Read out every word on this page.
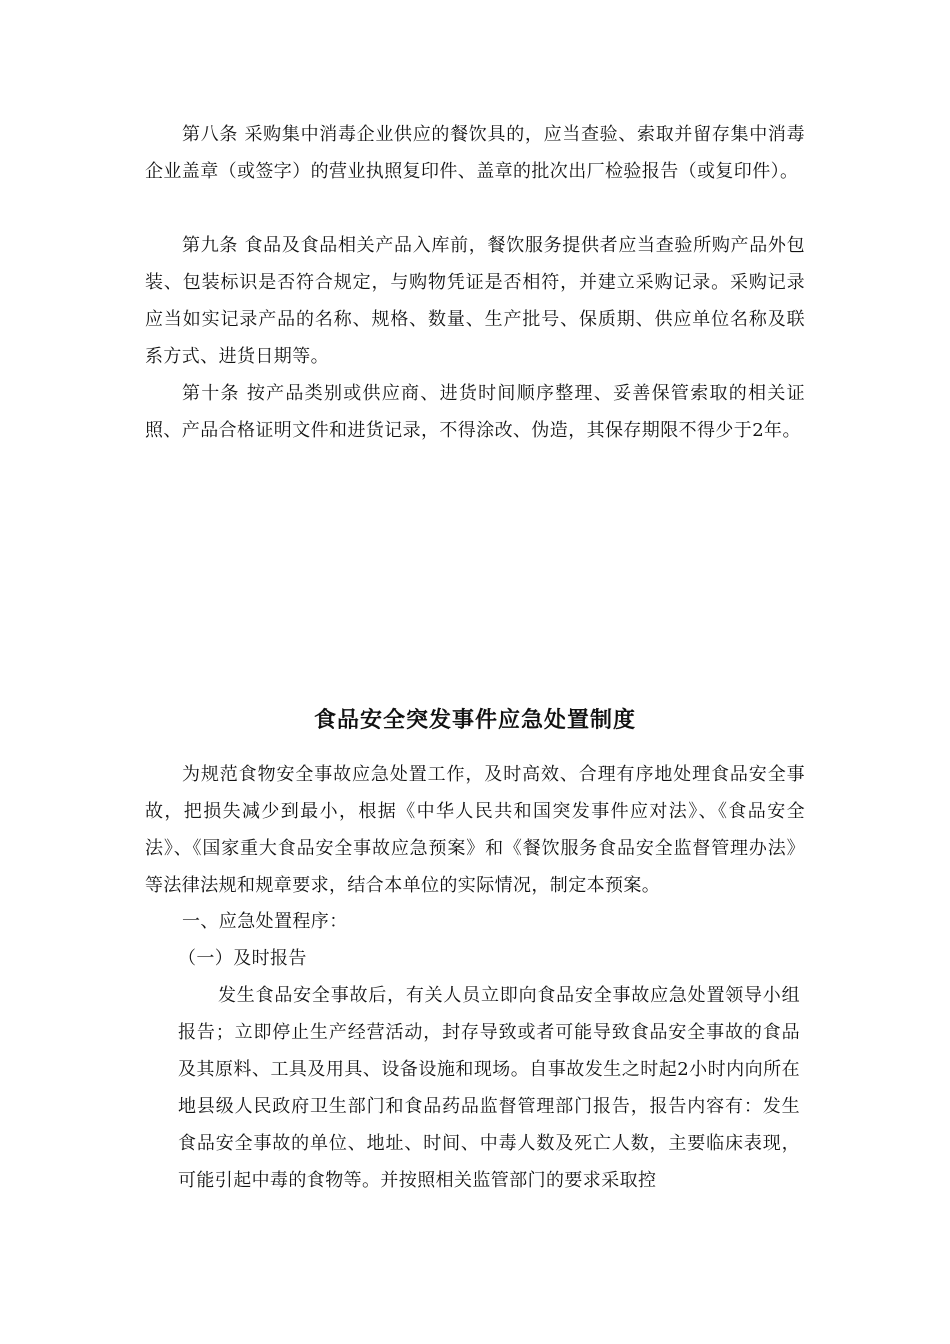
第八条 采购集中消毒企业供应的餐饮具的，应当查验、索取并留存集中消毒企业盖章（或签字）的营业执照复印件、盖章的批次出厂检验报告（或复印件）。

第九条 食品及食品相关产品入库前，餐饮服务提供者应当查验所购产品外包装、包装标识是否符合规定，与购物凭证是否相符，并建立采购记录。采购记录应当如实记录产品的名称、规格、数量、生产批号、保质期、供应单位名称及联系方式、进货日期等。

第十条 按产品类别或供应商、进货时间顺序整理、妥善保管索取的相关证照、产品合格证明文件和进货记录，不得涂改、伪造，其保存期限不得少于2年。

食品安全突发事件应急处置制度

为规范食物安全事故应急处置工作，及时高效、合理有序地处理食品安全事故，把损失减少到最小，根据《中华人民共和国突发事件应对法》、《食品安全法》、《国家重大食品安全事故应急预案》和《餐饮服务食品安全监督管理办法》等法律法规和规章要求，结合本单位的实际情况，制定本预案。

一、应急处置程序：

（一）及时报告

发生食品安全事故后，有关人员立即向食品安全事故应急处置领导小组报告；立即停止生产经营活动，封存导致或者可能导致食品安全事故的食品及其原料、工具及用具、设备设施和现场。自事故发生之时起2小时内向所在地县级人民政府卫生部门和食品药品监督管理部门报告，报告内容有：发生食品安全事故的单位、地址、时间、中毒人数及死亡人数，主要临床表现，可能引起中毒的食物等。并按照相关监管部门的要求采取控
